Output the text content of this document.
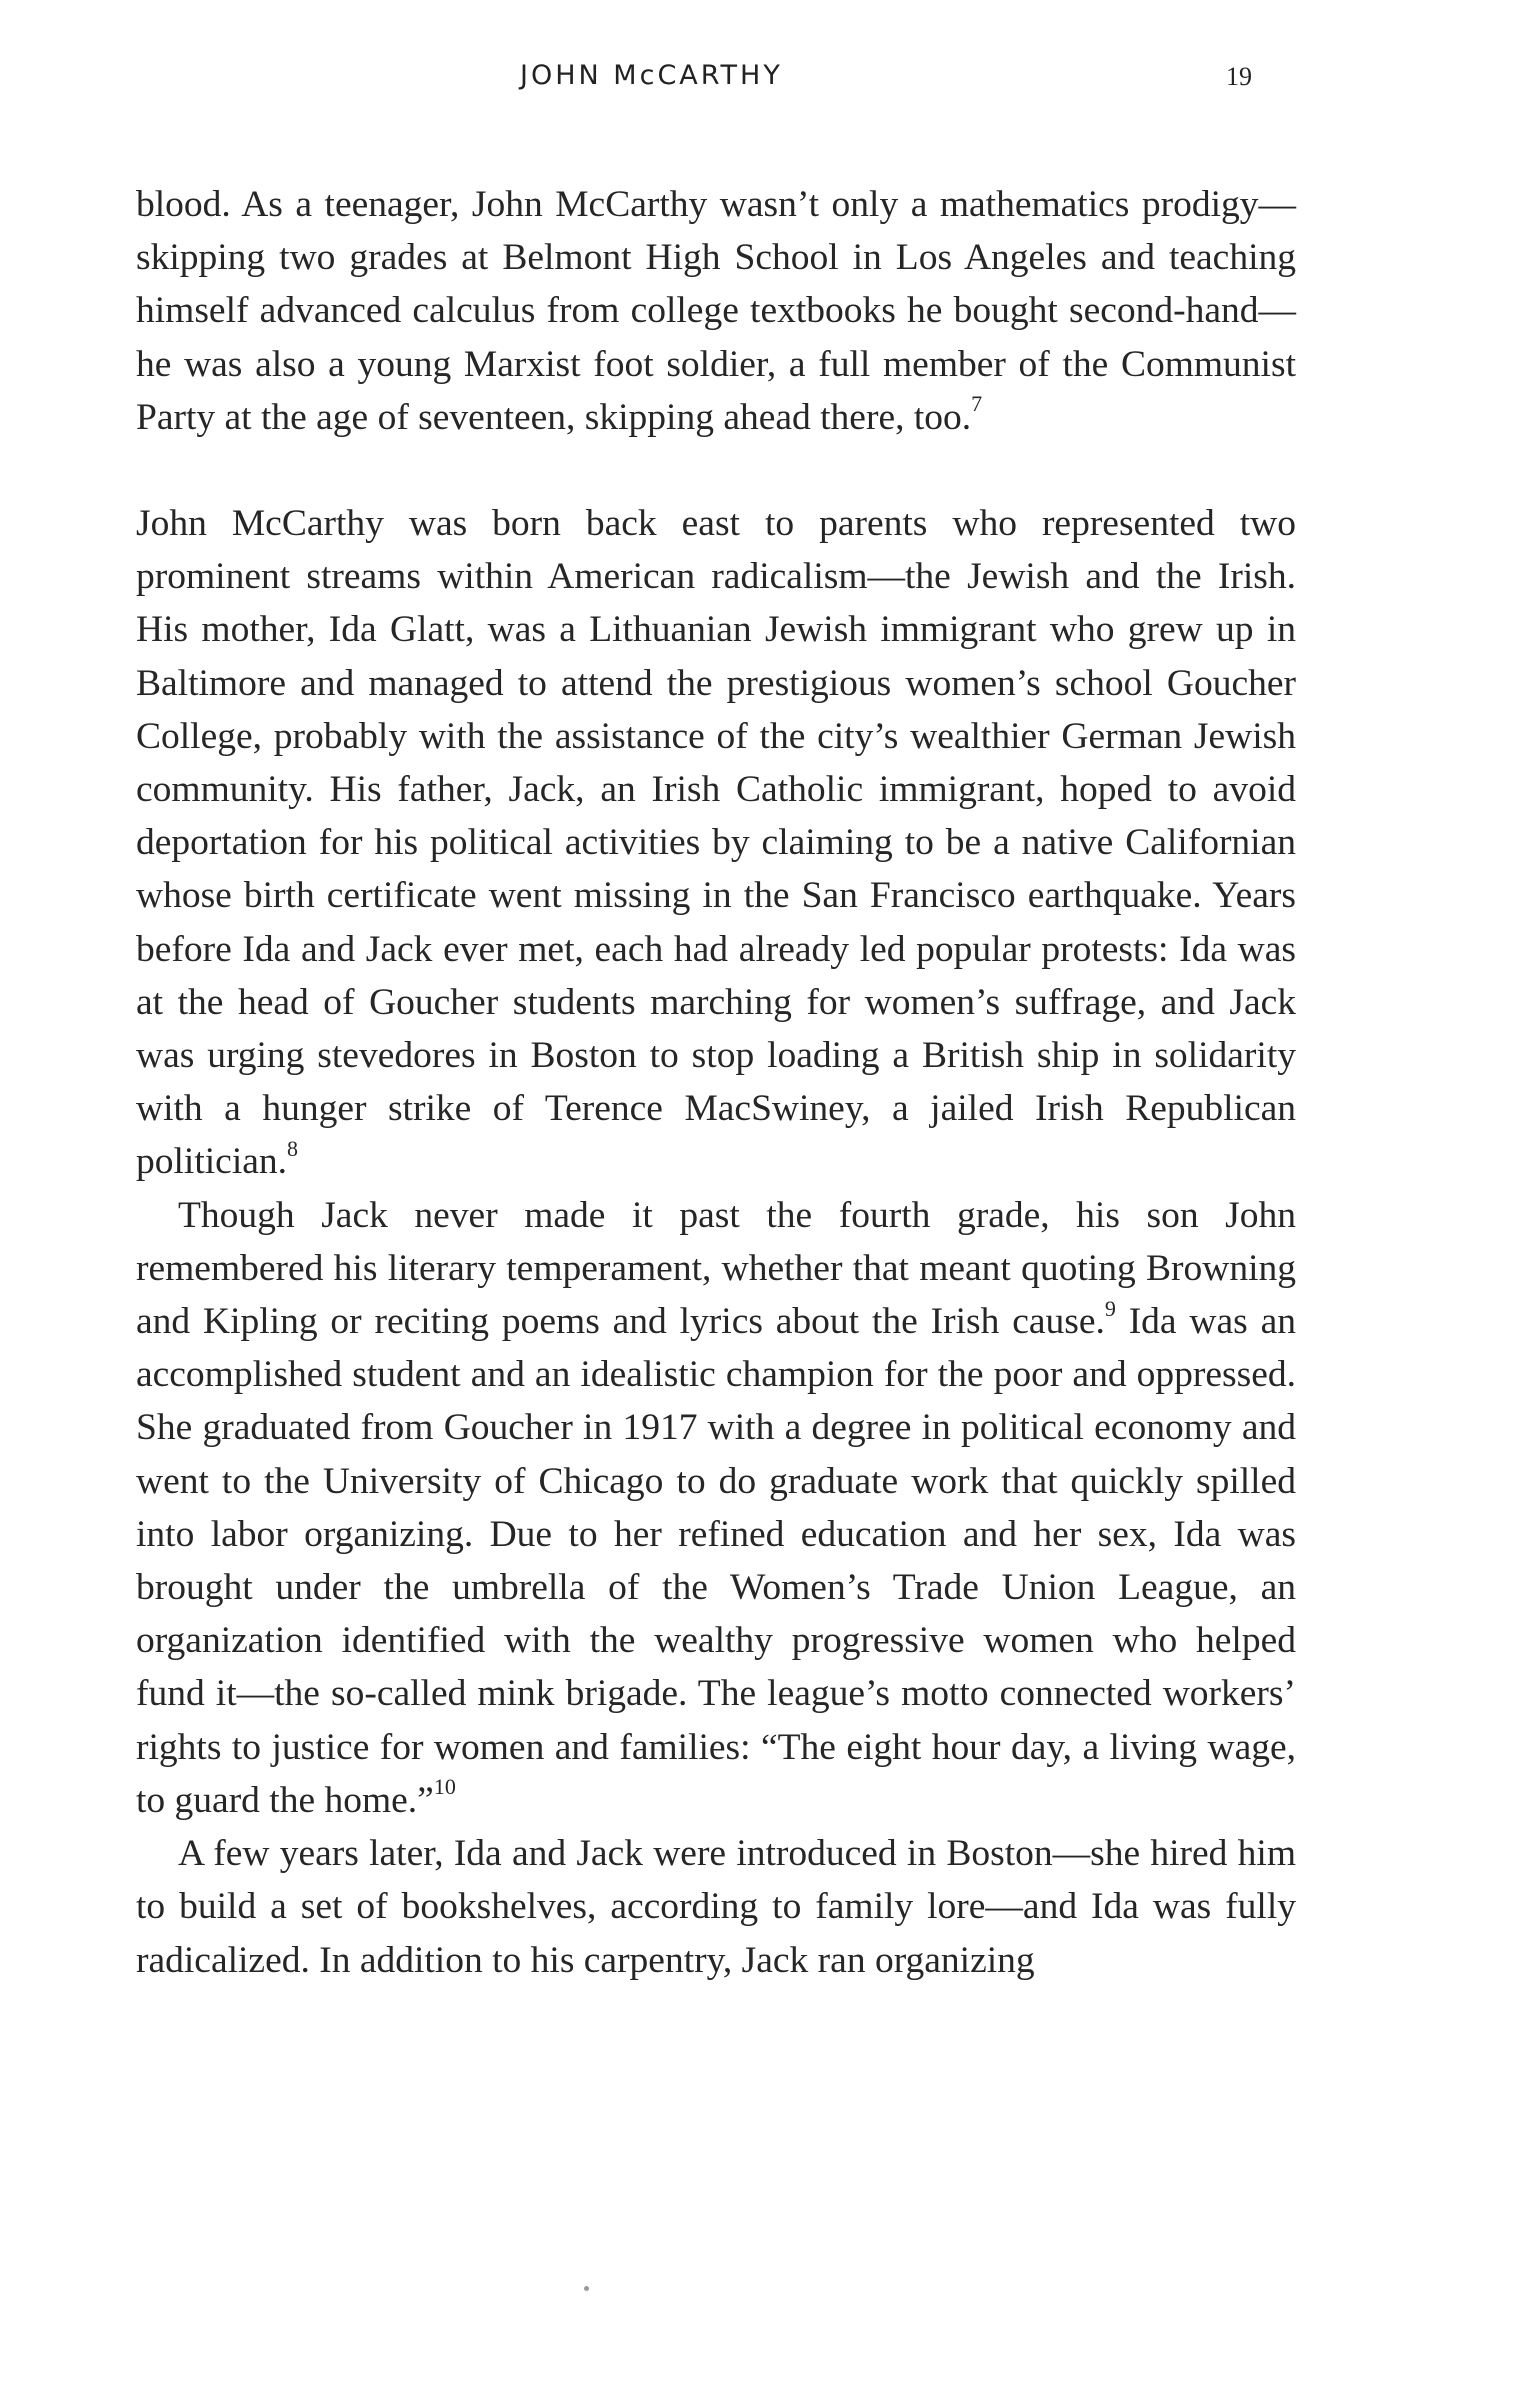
JOHN McCARTHY	19

blood. As a teenager, John McCarthy wasn’t only a mathematics prodigy—skipping two grades at Belmont High School in Los Angeles and teaching himself advanced calculus from college textbooks he bought second-hand—he was also a young Marxist foot soldier, a full member of the Communist Party at the age of seventeen, skipping ahead there, too.$^7$

John McCarthy was born back east to parents who represented two prominent streams within American radicalism—the Jewish and the Irish. His mother, Ida Glatt, was a Lithuanian Jewish immigrant who grew up in Baltimore and managed to attend the prestigious women’s school Goucher College, probably with the assistance of the city’s wealthier German Jewish community. His father, Jack, an Irish Catholic immigrant, hoped to avoid deportation for his political activities by claiming to be a native Californian whose birth certificate went missing in the San Francisco earthquake. Years before Ida and Jack ever met, each had already led popular protests: Ida was at the head of Goucher students marching for women’s suffrage, and Jack was urging stevedores in Boston to stop loading a British ship in solidarity with a hunger strike of Terence MacSwiney, a jailed Irish Republican politician.$^8$

Though Jack never made it past the fourth grade, his son John remembered his literary temperament, whether that meant quoting Browning and Kipling or reciting poems and lyrics about the Irish cause.$^9$ Ida was an accomplished student and an idealistic champion for the poor and oppressed. She graduated from Goucher in 1917 with a degree in political economy and went to the University of Chicago to do graduate work that quickly spilled into labor organizing. Due to her refined education and her sex, Ida was brought under the umbrella of the Women’s Trade Union League, an organization identified with the wealthy progressive women who helped fund it—the so-called mink brigade. The league’s motto connected workers’ rights to justice for women and families: “The eight hour day, a living wage, to guard the home.”$^{10}$

A few years later, Ida and Jack were introduced in Boston—she hired him to build a set of bookshelves, according to family lore—and Ida was fully radicalized. In addition to his carpentry, Jack ran organizing
